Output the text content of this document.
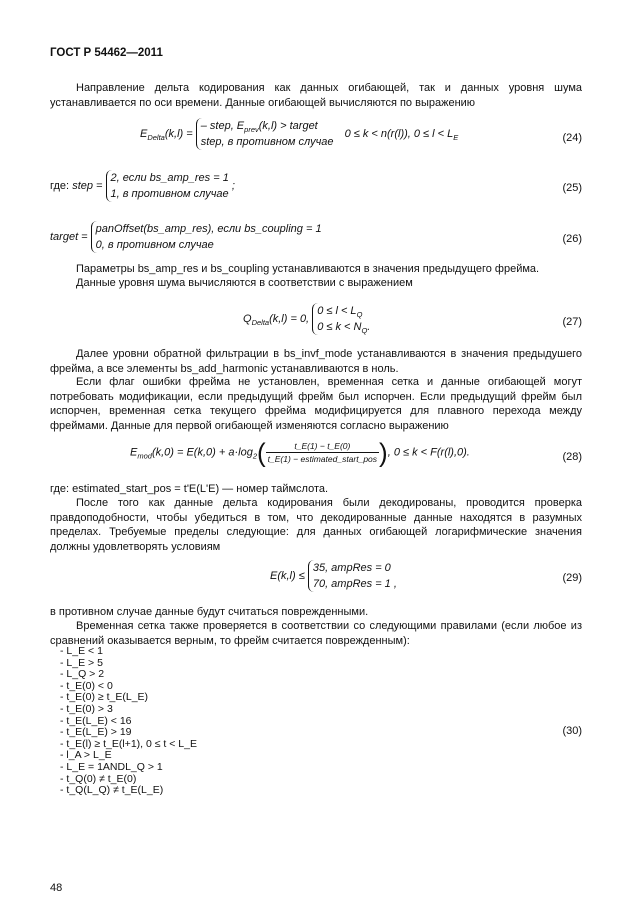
ГОСТ Р 54462—2011
Направление дельта кодирования как данных огибающей, так и данных уровня шума устанавливается по оси времени. Данные огибающей вычисляются по выражению
$E_{Delta}(k,l)$ =
– step, $E_{prev}(k,l)$ > target
step, в противном случае
0 ≤ k < n(r(l)), $0 \le l < L_E$	(24)
где: step =
2, если bs_amp_res = 1
1, в противном случае
;	(25)
target =
panOffset(bs_amp_res), если bs_coupling = 1
0, в противном случае	(26)
Параметры bs_amp_res и bs_coupling устанавливаются в значения предыдущего фрейма.
Данные уровня шума вычисляются в соответствии с выражением
$Q_{Delta}(k,l) = 0$,
$0 \le l < L_Q$
$0 \le k < N_Q$.	(27)
Далее уровни обратной фильтрации в bs_invf_mode устанавливаются в значения предыдушего фрейма, а все элементы bs_add_harmonic устанавливаются в ноль.
Если флаг ошибки фрейма не установлен, временная сетка и данные огибающей могут потребовать модификации, если предыдущий фрейм был испорчен. Если предыдущий фрейм был испорчен, временная сетка текущего фрейма модифицируется для плавного перехода между фреймами. Данные для первой огибающей изменяются согласно выражению
$E_{mod}(k,0) = E(k,0) + a\cdot\log_2( \frac{t\_E(1) - t\_E(0)}{\text{t\_E(1) − estimated\_start\_pos}}$ ), 0 ≤ k < F(r(l),0).	(28)
где: estimated_start_pos = t'E(L'E) — номер таймслота.
После того как данные дельта кодирования были декодированы, проводится проверка правдоподобности, чтобы убедиться в том, что декодированные данные находятся в разумных пределах. Требуемые пределы следующие: для данных огибающей логарифмические значения должны удовлетворять условиям
E(k,l) ≤
35, ampRes = 0
70, ampRes = 1 ,	(29)
в противном случае данные будут считаться поврежденными.
Временная сетка также проверяется в соответствии со следующими правилами (если любое из сравнений оказывается верным, то фрейм считается поврежденным):
- L_E < 1
- L_E > 5
- L_Q > 2
- t_E(0) < 0
- t_E(0) ≥ t_E(L_E)
- t_E(0) > 3
- t_E(L_E) < 16
- t_E(L_E) > 19
- t_E(l) ≥ t_E(l+1), 0 ≤ t < L_E
- l_A > L_E
- L_E = 1ANDL_Q > 1
- t_Q(0) ≠ t_E(0)
- t_Q(L_Q) ≠ t_E(L_E)
(30)
48
